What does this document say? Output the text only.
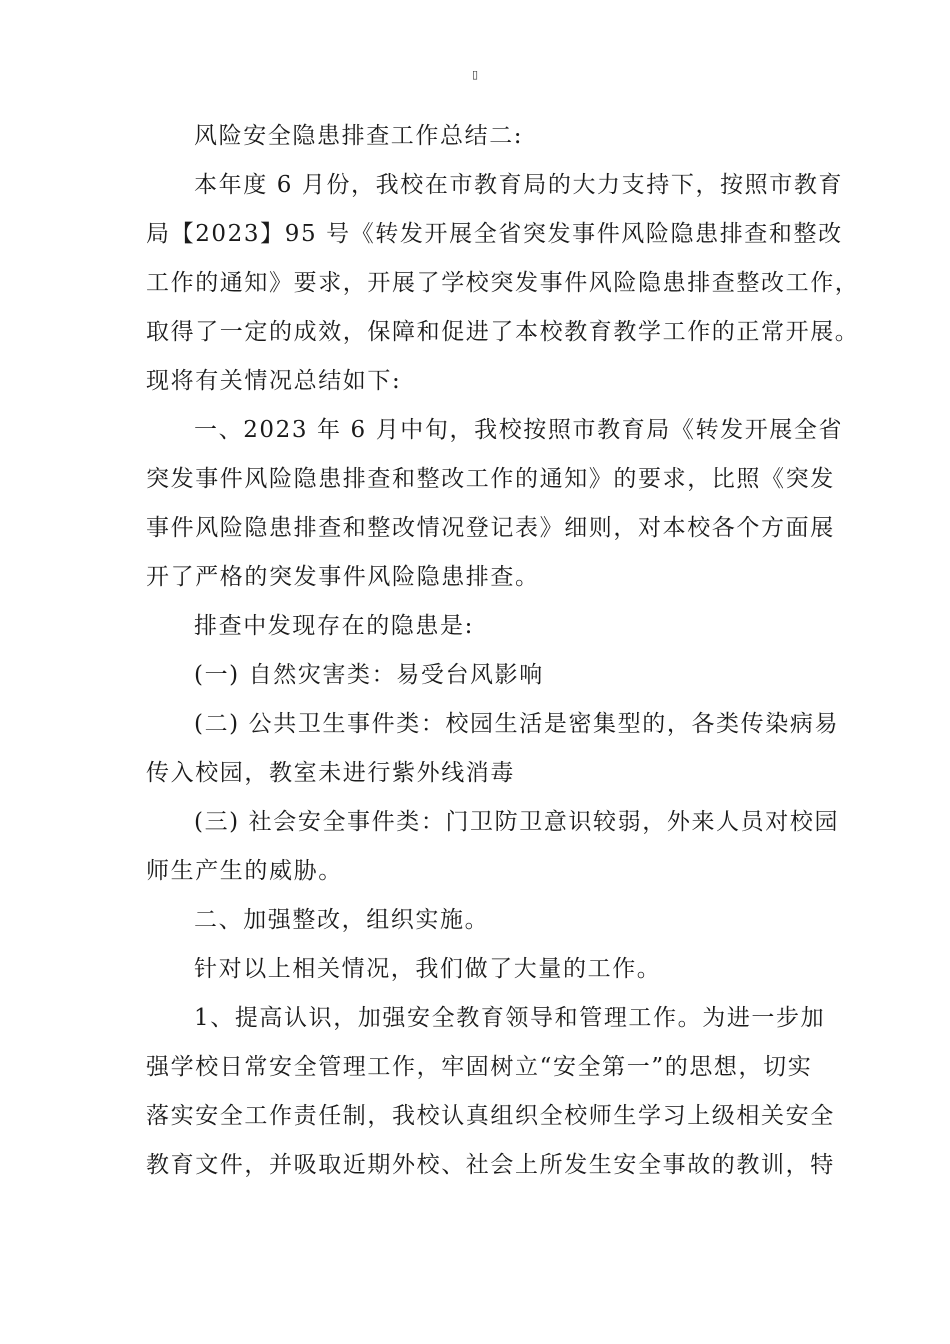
▯

风险安全隐患排查工作总结二:

本年度 6 月份，我校在市教育局的大力支持下，按照市教育

局【2023】95 号《转发开展全省突发事件风险隐患排查和整改

工作的通知》要求，开展了学校突发事件风险隐患排查整改工作，

取得了一定的成效，保障和促进了本校教育教学工作的正常开展。

现将有关情况总结如下:

一、2023 年 6 月中旬，我校按照市教育局《转发开展全省

突发事件风险隐患排查和整改工作的通知》的要求，比照《突发

事件风险隐患排查和整改情况登记表》细则，对本校各个方面展

开了严格的突发事件风险隐患排查。

排查中发现存在的隐患是:

(一) 自然灾害类：易受台风影响

(二) 公共卫生事件类：校园生活是密集型的，各类传染病易

传入校园，教室未进行紫外线消毒

(三) 社会安全事件类：门卫防卫意识较弱，外来人员对校园

师生产生的威胁。

二、加强整改，组织实施。

针对以上相关情况，我们做了大量的工作。

1、提高认识，加强安全教育领导和管理工作。为进一步加

强学校日常安全管理工作，牢固树立“安全第一”的思想，切实

落实安全工作责任制，我校认真组织全校师生学习上级相关安全

教育文件，并吸取近期外校、社会上所发生安全事故的教训，特
